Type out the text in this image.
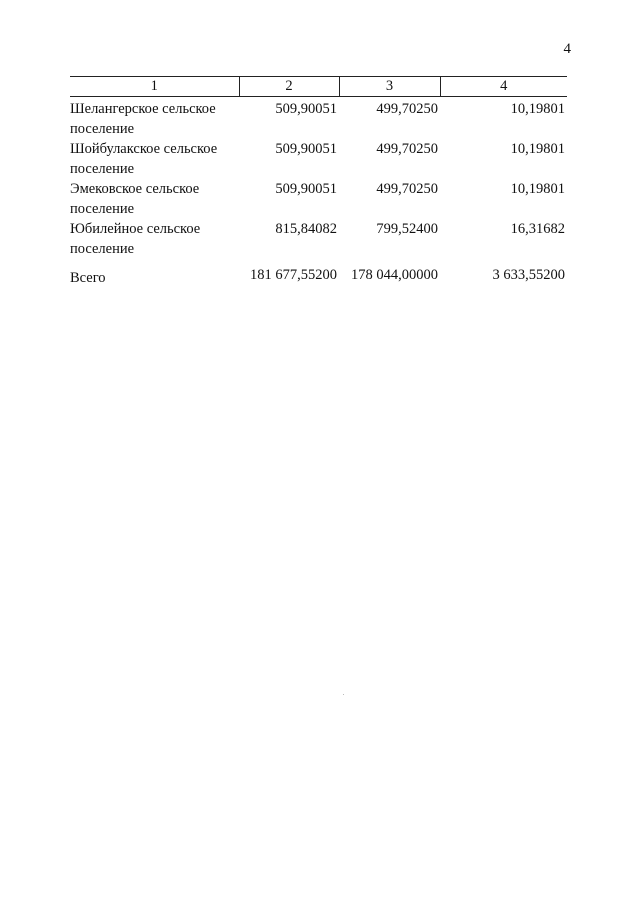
4
1	2	3	4
Шелангерское сельское поселение	509,90051	499,70250	10,19801
Шойбулакское сельское поселение	509,90051	499,70250	10,19801
Эмековское сельское поселение	509,90051	499,70250	10,19801
Юбилейное сельское поселение	815,84082	799,52400	16,31682
Всего	181 677,55200	178 044,00000	3 633,55200
